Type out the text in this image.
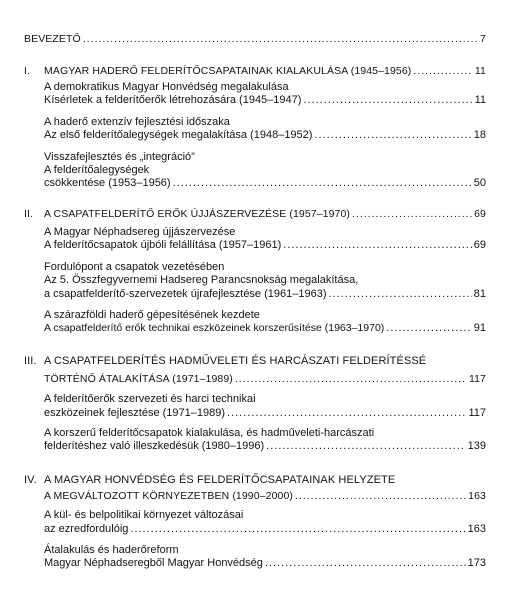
BEVEZETŐ .....	7
I. MAGYAR HADERŐ FELDERÍTŐCSAPATAINAK KIALAKULÁSA (1945–1956) .....	11
A demokratikus Magyar Honvédség megalakulása
Kísérletek a felderítőerők létrehozására (1945–1947) .....	11
A haderő extenzív fejlesztési időszaka
Az első felderítőalegységek megalakítása (1948–1952) .....	18
Visszafejlesztés és „integráció”
A felderítőalegységek
csökkentése (1953–1956) .....	50
II. A CSAPATFELDERÍTŐ ERŐK ÚJJÁSZERVEZÉSE (1957–1970) .....	69
A Magyar Néphadsereg újjászervezése
A felderítőcsapatok újbóli felállítása (1957–1961) .....	69
Fordulópont a csapatok vezetésében
Az 5. Összfegyvernemi Hadsereg Parancsnokság megalakítása,
a csapatfelderítő-szervezetek újrafejlesztése (1961–1963) .....	81
A szárazföldi haderő gépesítésének kezdete
A csapatfelderítő erők technikai eszközeinek korszerűsítése (1963–1970) .....	91
III. A CSAPATFELDERÍTÉS HADMŰVELETI ÉS HARCÁSZATI FELDERÍTÉSSÉ
TÖRTÉNŐ ÁTALAKÍTÁSA (1971–1989) .....	117
A felderítőerők szervezeti és harci technikai
eszközeinek fejlesztése (1971–1989) .....	117
A korszerű felderítőcsapatok kialakulása, és hadműveleti-harcászati
felderítéshez való illeszkedésük (1980–1996) .....	139
IV. A MAGYAR HONVÉDSÉG ÉS FELDERÍTŐCSAPATAINAK HELYZETE
A MEGVÁLTOZOTT KÖRNYEZETBEN (1990–2000) .....	163
A kül- és belpolitikai környezet változásai
az ezredfordulóig .....	163
Átalakulás és haderőreform
Magyar Néphadseregből Magyar Honvédség .....	173
